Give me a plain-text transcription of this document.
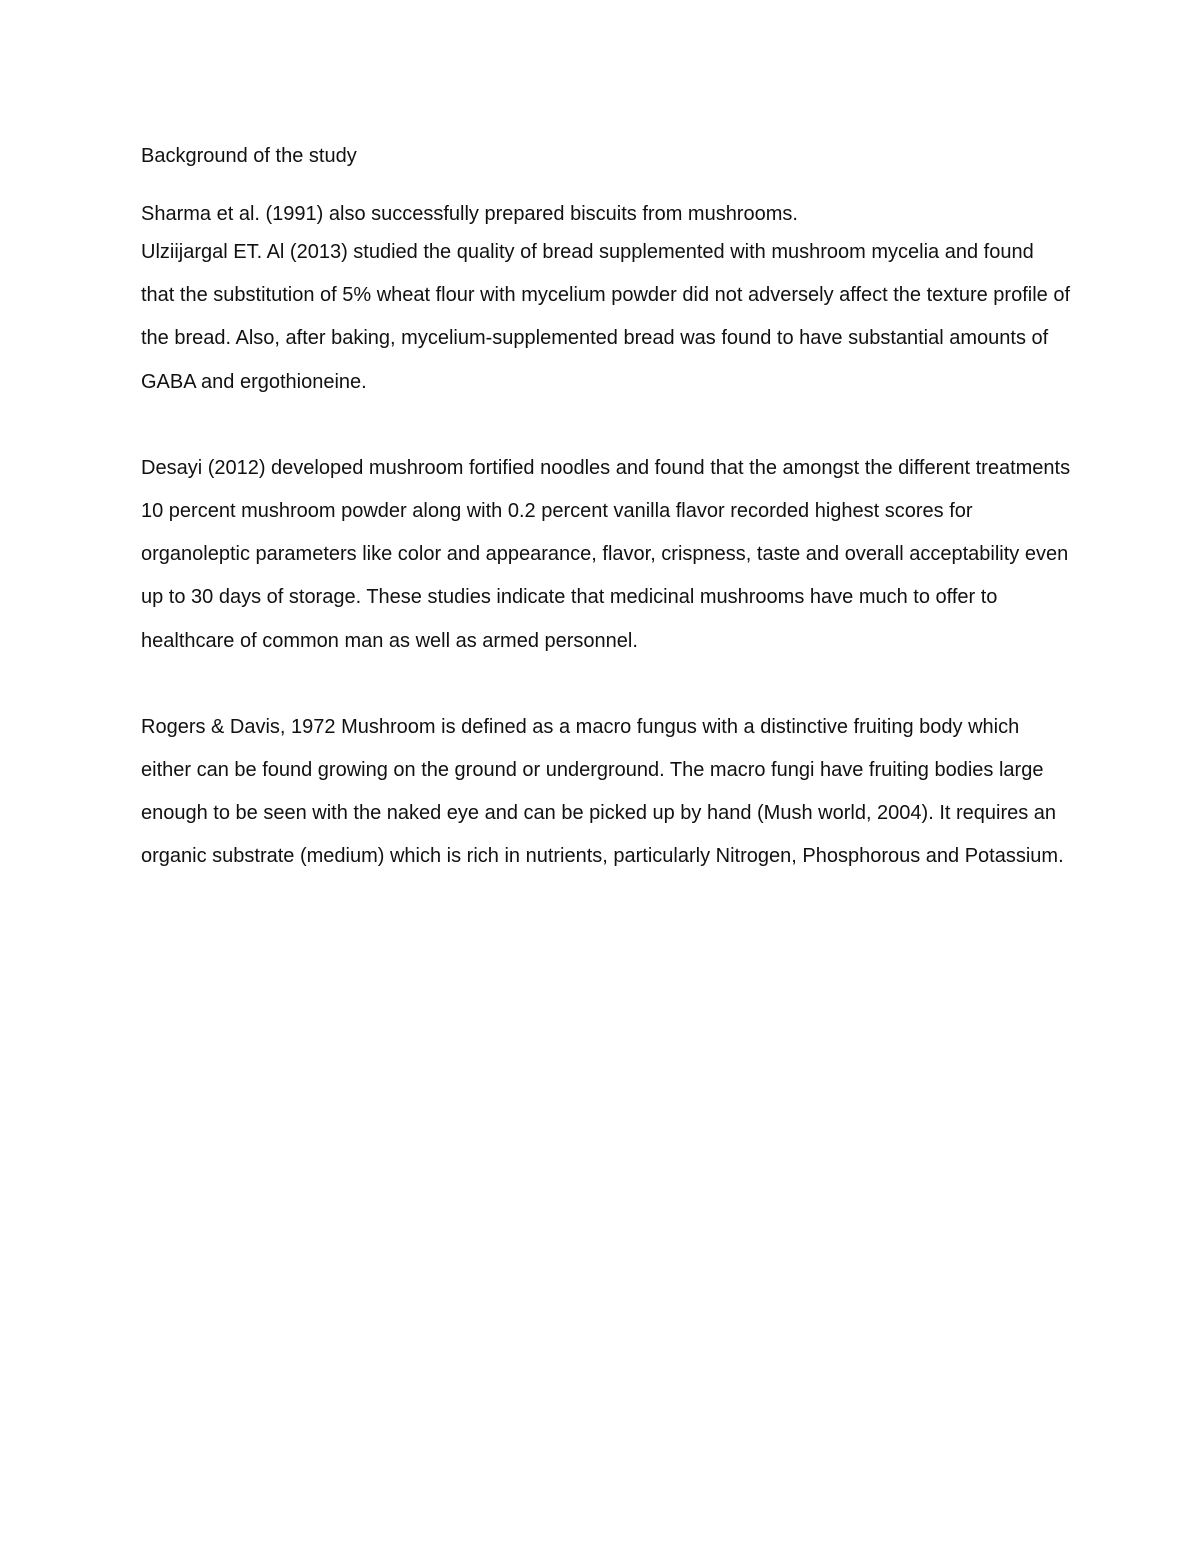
Background of the study

Sharma et al. (1991) also successfully prepared biscuits from mushrooms.

Ulziijargal ET. Al (2013) studied the quality of bread supplemented with mushroom mycelia and found that the substitution of 5% wheat flour with mycelium powder did not adversely affect the texture profile of the bread. Also, after baking, mycelium-supplemented bread was found to have substantial amounts of GABA and ergothioneine.

Desayi (2012) developed mushroom fortified noodles and found that the amongst the different treatments 10 percent mushroom powder along with 0.2 percent vanilla flavor recorded highest scores for organoleptic parameters like color and appearance, flavor, crispness, taste and overall acceptability even up to 30 days of storage. These studies indicate that medicinal mushrooms have much to offer to healthcare of common man as well as armed personnel.

Rogers & Davis, 1972 Mushroom is defined as a macro fungus with a distinctive fruiting body which either can be found growing on the ground or underground. The macro fungi have fruiting bodies large enough to be seen with the naked eye and can be picked up by hand (Mush world, 2004). It requires an organic substrate (medium) which is rich in nutrients, particularly Nitrogen, Phosphorous and Potassium.
